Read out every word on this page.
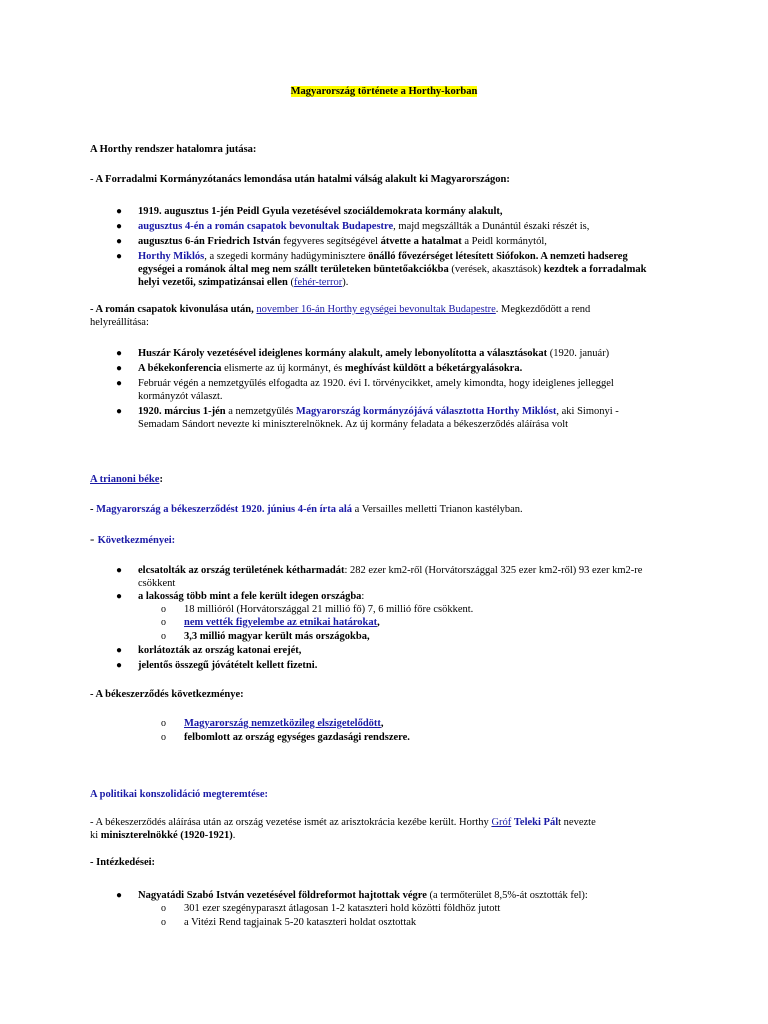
Magyarország története a Horthy-korban
A Horthy rendszer hatalomra jutása:
- A Forradalmi Kormányzótanács lemondása után hatalmi válság alakult ki Magyarországon:
● 1919. augusztus 1-jén Peidl Gyula vezetésével szociáldemokrata kormány alakult,
● augusztus 4-én a román csapatok bevonultak Budapestre, majd megszállták a Dunántúl északi részét is,
● augusztus 6-án Friedrich István fegyveres segítségével átvette a hatalmat a Peidl kormánytól,
● Horthy Miklós, a szegedi kormány hadügyminisztere önálló fővezérséget létesített Siófokon. A nemzeti hadsereg
egységei a románok által meg nem szállt területeken büntetőakciókba (verések, akasztások) kezdtek a forradalmak
helyi vezetői, szimpatizánsai ellen (fehér-terror).
- A román csapatok kivonulása után, november 16-án Horthy egységei bevonultak Budapestre. Megkezdődött a rend
helyreállítása:
● Huszár Károly vezetésével ideiglenes kormány alakult, amely lebonyolította a választásokat (1920. január)
● A békekonferencia elismerte az új kormányt, és meghívást küldött a béketárgyalásokra.
● Február végén a nemzetgyűlés elfogadta az 1920. évi I. törvénycikket, amely kimondta, hogy ideiglenes jelleggel
kormányzót választ.
● 1920. március 1-jén a nemzetgyűlés Magyarország kormányzójává választotta Horthy Miklóst, aki Simonyi -
Semadam Sándort nevezte ki miniszterelnöknek. Az új kormány feladata a békeszerződés aláírása volt
A trianoni béke:
- Magyarország a békeszerződést 1920. június 4-én írta alá a Versailles melletti Trianon kastélyban.
- Következményei:
● elcsatolták az ország területének kétharmadát: 282 ezer km2-ről (Horvátországgal 325 ezer km2-ről) 93 ezer km2-re
csökkent
● a lakosság több mint a fele került idegen országba:
o 18 millióról (Horvátországgal 21 millió fő) 7, 6 millió főre csökkent.
o nem vették figyelembe az etnikai határokat,
o 3,3 millió magyar került más országokba,
● korlátozták az ország katonai erejét,
● jelentős összegű jóvátételt kellett fizetni.
- A békeszerződés következménye:
o Magyarország nemzetközileg elszigetelődött,
o felbomlott az ország egységes gazdasági rendszere.
A politikai konszolidáció megteremtése:
- A békeszerződés aláírása után az ország vezetése ismét az arisztokrácia kezébe került. Horthy Gróf Teleki Pált nevezte
ki miniszterelnökké (1920-1921).
- Intézkedései:
● Nagyatádi Szabó István vezetésével földreformot hajtottak végre (a termőterület 8,5%-át osztották fel):
o 301 ezer szegényparaszt átlagosan 1-2 kataszteri hold közötti földhöz jutott
o a Vitézi Rend tagjainak 5-20 kataszteri holdat osztottak
